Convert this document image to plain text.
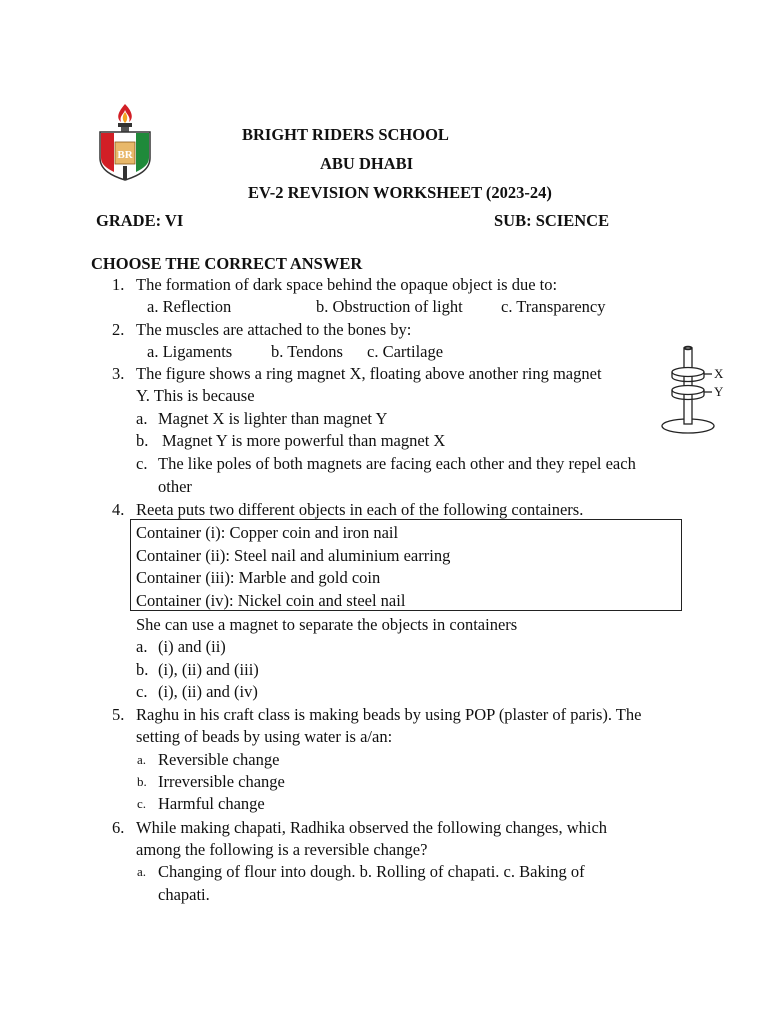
BR
BRIGHT RIDERS SCHOOL
ABU DHABI
EV-2 REVISION WORKSHEET (2023-24)
GRADE: VI	SUB: SCIENCE
CHOOSE THE CORRECT ANSWER
1. The formation of dark space behind the opaque object is due to:
a. Reflection	b. Obstruction of light c. Transparency
2. The muscles are attached to the bones by:
a. Ligaments b. Tendons c. Cartilage
3. The figure shows a ring magnet X, floating above another ring magnet
Y. This is because
a. Magnet X is lighter than magnet Y
b. Magnet Y is more powerful than magnet X
c. The like poles of both magnets are facing each other and they repel each
other
X
Y
4. Reeta puts two different objects in each of the following containers.
Container (i): Copper coin and iron nail
Container (ii): Steel nail and aluminium earring
Container (iii): Marble and gold coin
Container (iv): Nickel coin and steel nail
She can use a magnet to separate the objects in containers
a. (i) and (ii)
b. (i), (ii) and (iii)
c. (i), (ii) and (iv)
5. Raghu in his craft class is making beads by using POP (plaster of paris). The
setting of beads by using water is a/an:
a. Reversible change
b. Irreversible change
c. Harmful change
6. While making chapati, Radhika observed the following changes, which
among the following is a reversible change?
a. Changing of flour into dough. b. Rolling of chapati. c. Baking of
chapati.
